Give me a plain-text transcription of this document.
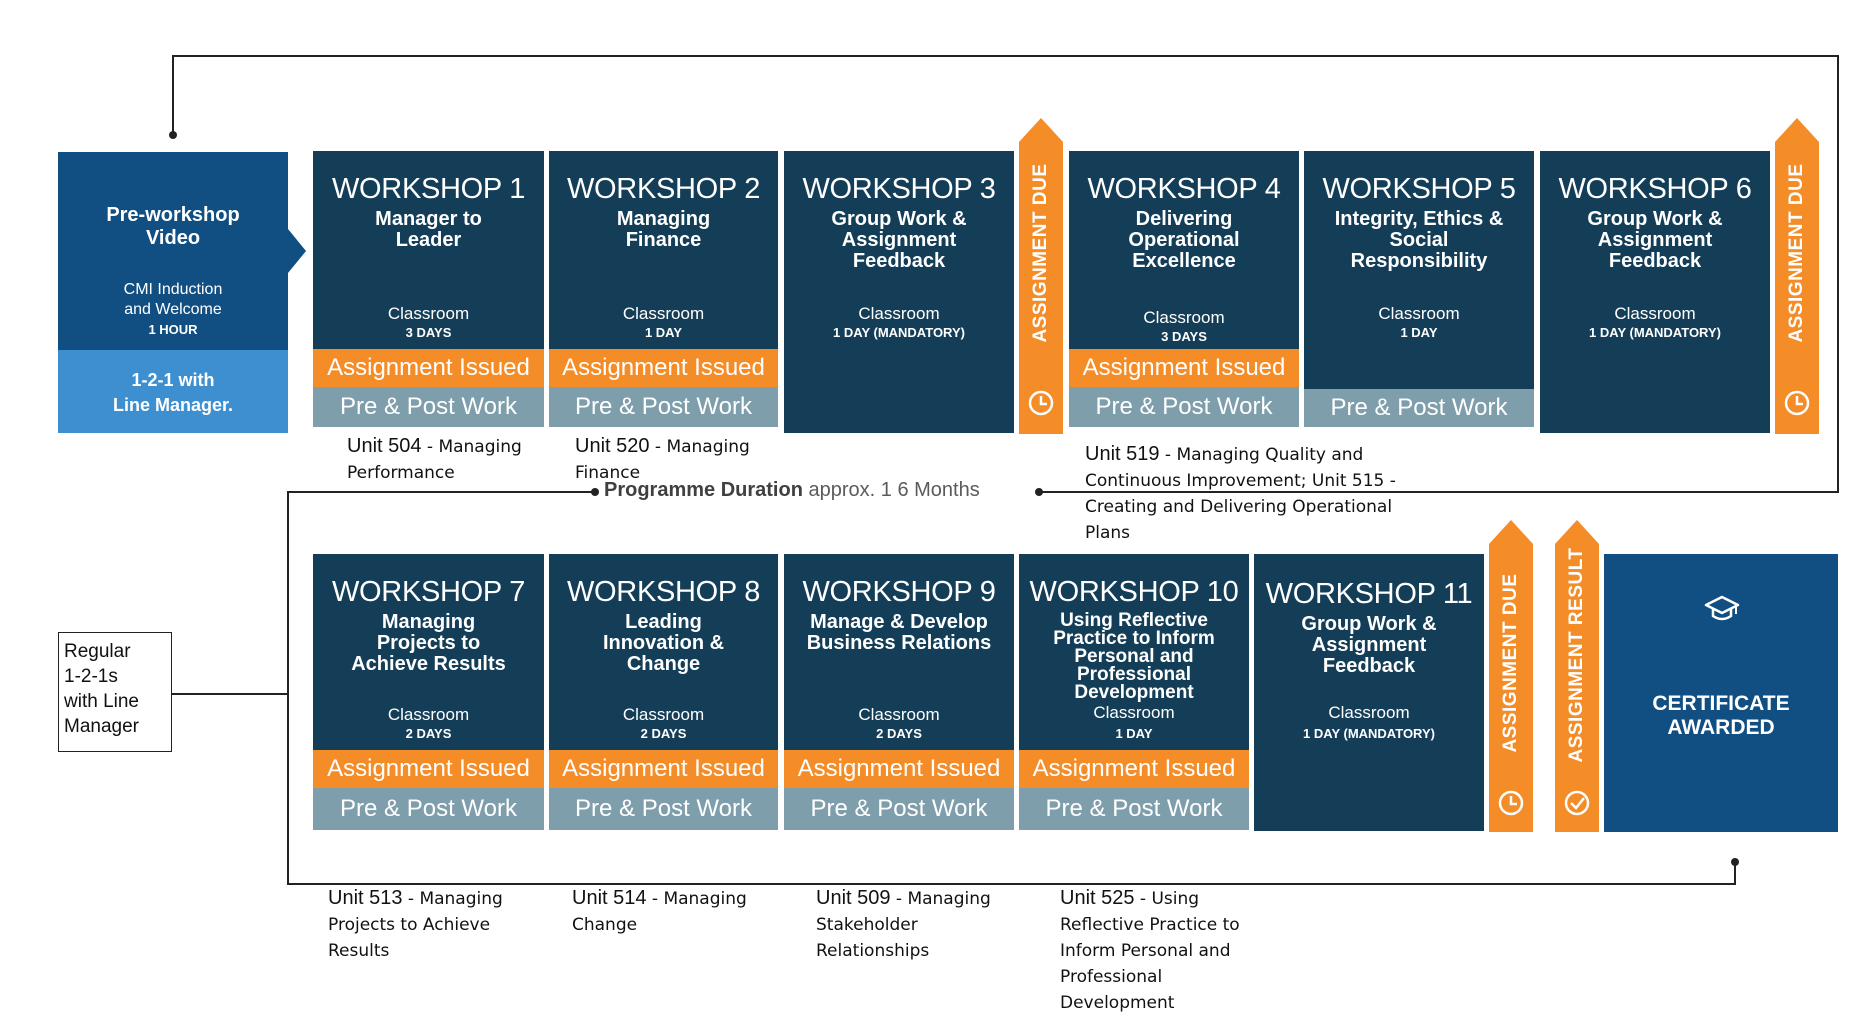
Pre-workshop
Video
CMI Induction
and Welcome
1 HOUR
1-2-1 with
Line Manager.
WORKSHOP 1
Manager to Leader
Classroom
3 DAYS
Assignment Issued
Pre & Post Work
WORKSHOP 2
Managing Finance
Classroom
1 DAY
Assignment Issued
Pre & Post Work
WORKSHOP 3
Group Work & Assignment Feedback
Classroom
1 DAY (MANDATORY)	ASSIGNMENT DUE	WORKSHOP 4
Delivering Operational Excellence
Classroom
3 DAYS
Assignment Issued
Pre & Post Work
WORKSHOP 5
Integrity, Ethics & Social Responsibility
Classroom
1 DAY
Pre & Post Work
WORKSHOP 6
Group Work & Assignment Feedback
Classroom
1 DAY (MANDATORY)	ASSIGNMENT DUE
Unit 504 - Managing Performance
Unit 520 - Managing Finance
Unit 519 - Managing Quality and Continuous Improvement; Unit 515 - Creating and Delivering Operational Plans
Programme Duration approx. 1 6 Months
Regular
1-2-1s
with Line
Manager
WORKSHOP 7
Managing Projects to Achieve Results
Classroom
2 DAYS
Assignment Issued
Pre & Post Work
WORKSHOP 8
Leading Innovation & Change
Classroom
2 DAYS
Assignment Issued
Pre & Post Work
WORKSHOP 9
Manage & Develop Business Relations
Classroom
2 DAYS
Assignment Issued
Pre & Post Work
WORKSHOP 10
Using Reflective Practice to Inform Personal and Professional Development
Classroom
1 DAY
Assignment Issued
Pre & Post Work
WORKSHOP 11
Group Work & Assignment Feedback
Classroom
1 DAY (MANDATORY)	ASSIGNMENT DUE ASSIGNMENT RESULT	CERTIFICATE
AWARDED
Unit 513 - Managing Projects to Achieve Results
Unit 514 - Managing Change
Unit 509 - Managing Stakeholder Relationships
Unit 525 - Using Reflective Practice to Inform Personal and Professional Development
